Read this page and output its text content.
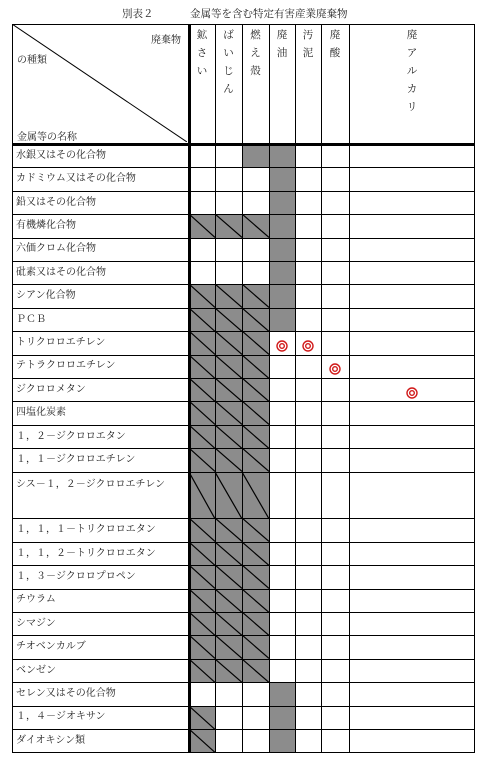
別表２	金属等を含む特定有害産業廃棄物
廃棄物
の種類
金属等の名称
鉱
さ
い
ば
い
じ
ん
燃
え
殻
廃
油
汚
泥
廃
酸
廃
ア
ル
カ
リ
水銀又はその化合物
カドミウム又はその化合物
鉛又はその化合物
有機燐化合物
六価クロム化合物
砒素又はその化合物
シアン化合物
ＰＣＢ
トリクロロエチレン
テトラクロロエチレン
ジクロロメタン
四塩化炭素
１，２－ジクロロエタン
１，１－ジクロロエチレン
シス－１，２－ジクロロエチレン
１，１，１－トリクロロエタン
１，１，２－トリクロロエタン
１，３－ジクロロプロペン
チウラム
シマジン
チオベンカルブ
ベンゼン
セレン又はその化合物
１，４－ジオキサン
ダイオキシン類
